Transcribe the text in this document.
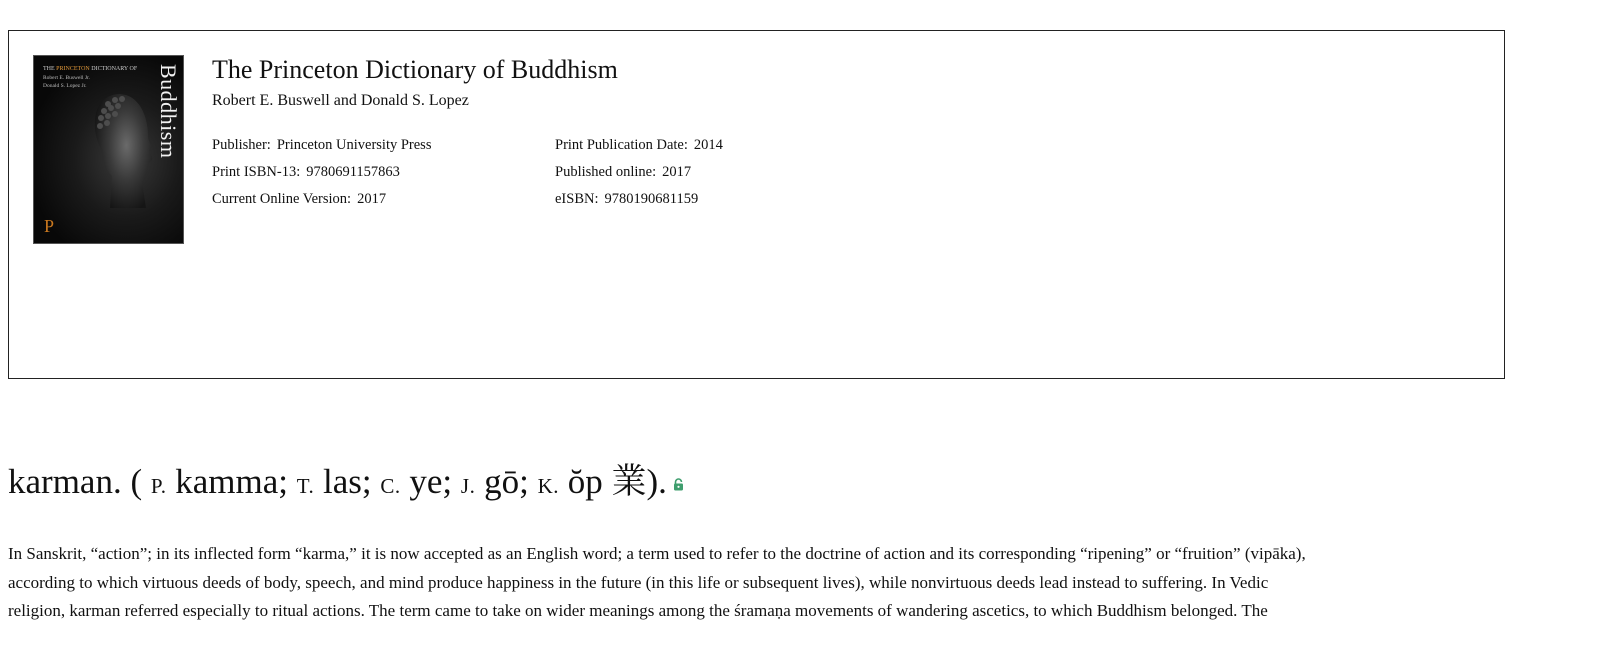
THE PRINCETON DICTIONARY OF
Robert E. Buswell Jr.
Donald S. Lopez Jr.	Buddhism
P
The Princeton Dictionary of Buddhism
Robert E. Buswell and Donald S. Lopez
Publisher: Princeton University Press
Print ISBN-13: 9780691157863
Current Online Version: 2017
Print Publication Date: 2014
Published online: 2017
eISBN: 9780190681159
karman. ( P. kamma; T. las; C. ye; J. gō; K. ŏp 業).
In Sanskrit, “action”; in its inflected form “karma,” it is now accepted as an English word; a term used to refer to the doctrine of action and its corresponding “ripening” or “fruition” (vipāka),
according to which virtuous deeds of body, speech, and mind produce happiness in the future (in this life or subsequent lives), while nonvirtuous deeds lead instead to suffering. In Vedic
religion, karman referred especially to ritual actions. The term came to take on wider meanings among the śramaṇa movements of wandering ascetics, to which Buddhism belonged. The
